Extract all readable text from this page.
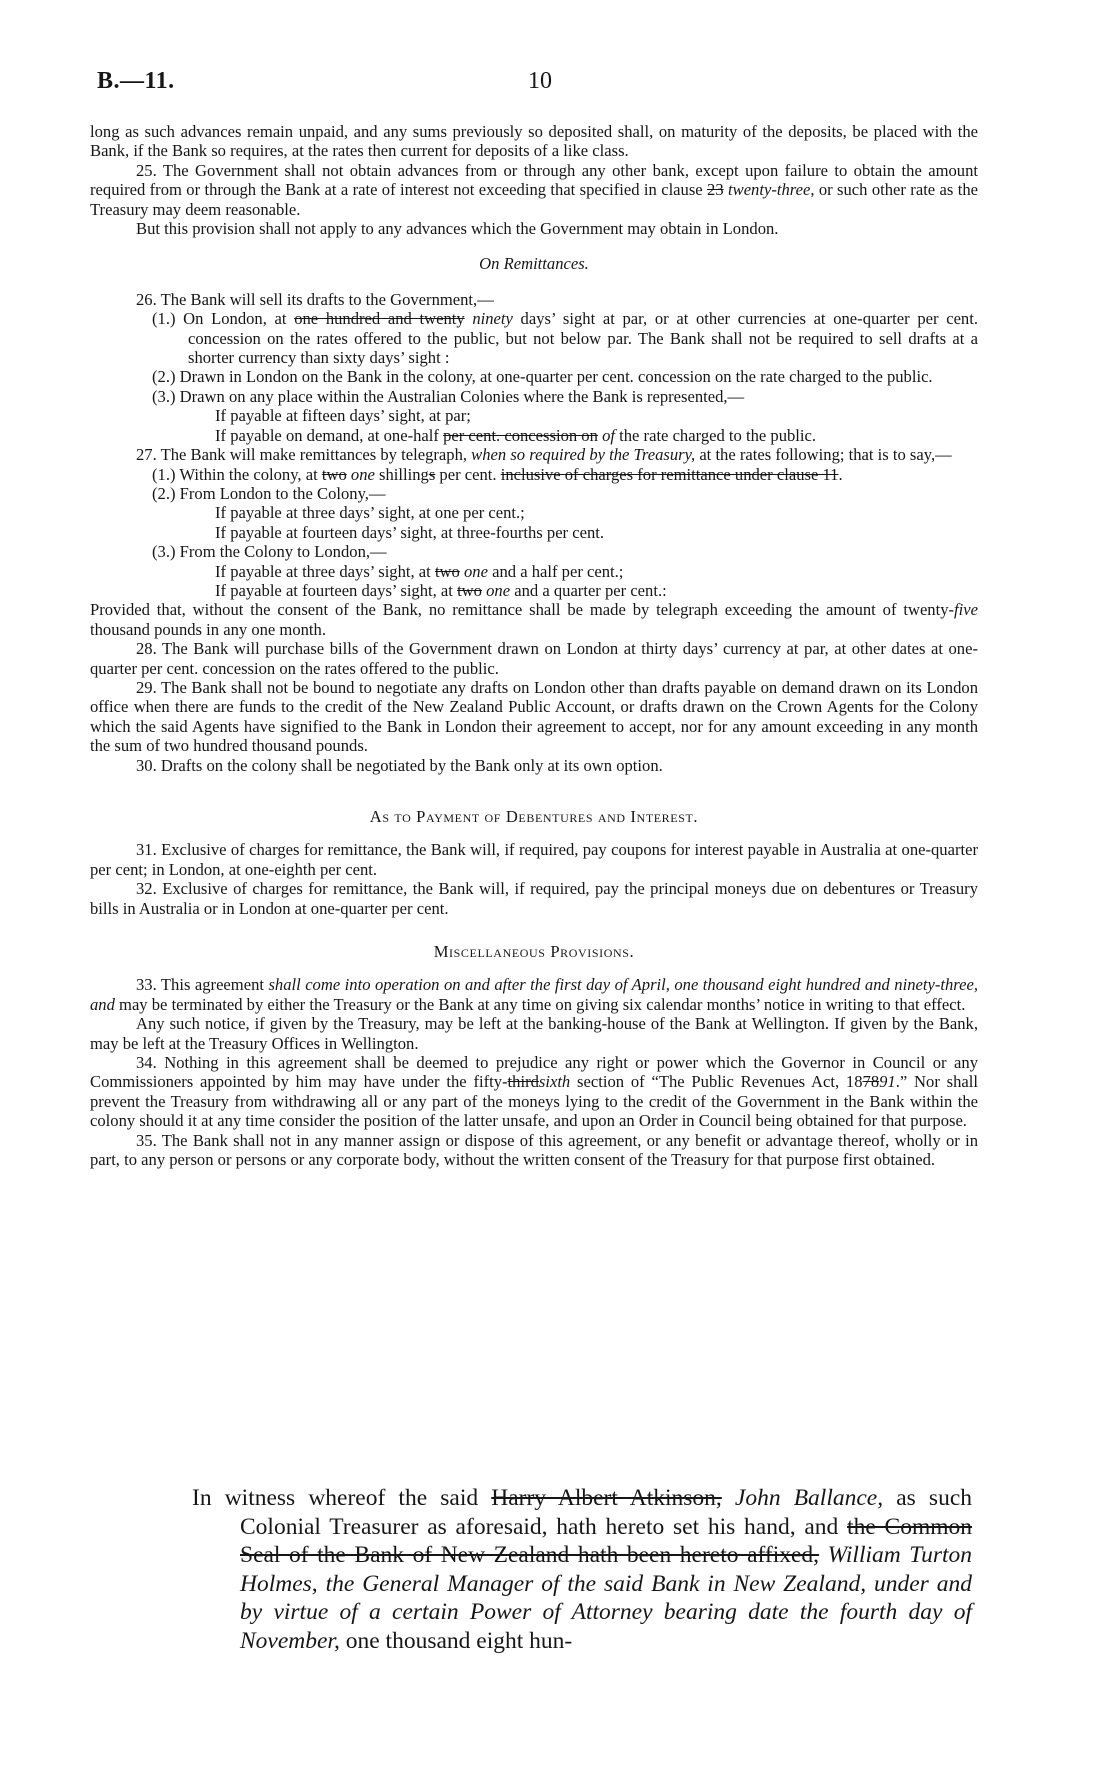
B.—11.	10

long as such advances remain unpaid, and any sums previously so deposited shall, on maturity of the deposits, be placed with the Bank, if the Bank so requires, at the rates then current for deposits of a like class.

25. The Government shall not obtain advances from or through any other bank, except upon failure to obtain the amount required from or through the Bank at a rate of interest not exceeding that specified in clause 23 twenty-three, or such other rate as the Treasury may deem reasonable.

But this provision shall not apply to any advances which the Government may obtain in London.

On Remittances.

26. The Bank will sell its drafts to the Government,—

(1.) On London, at one hundred and twenty ninety days’ sight at par, or at other currencies at one-quarter per cent. concession on the rates offered to the public, but not below par. The Bank shall not be required to sell drafts at a shorter currency than sixty days’ sight :

(2.) Drawn in London on the Bank in the colony, at one-quarter per cent. concession on the rate charged to the public.

(3.) Drawn on any place within the Australian Colonies where the Bank is represented,—

If payable at fifteen days’ sight, at par;

If payable on demand, at one-half per cent. concession on of the rate charged to the public.

27. The Bank will make remittances by telegraph, when so required by the Treasury, at the rates following; that is to say,—

(1.) Within the colony, at two one shillings per cent. inclusive of charges for remittance under clause 11.

(2.) From London to the Colony,—

If payable at three days’ sight, at one per cent.;

If payable at fourteen days’ sight, at three-fourths per cent.

(3.) From the Colony to London,—

If payable at three days’ sight, at two one and a half per cent.;

If payable at fourteen days’ sight, at two one and a quarter per cent.:

Provided that, without the consent of the Bank, no remittance shall be made by telegraph exceeding the amount of twenty-five thousand pounds in any one month.

28. The Bank will purchase bills of the Government drawn on London at thirty days’ currency at par, at other dates at one-quarter per cent. concession on the rates offered to the public.

29. The Bank shall not be bound to negotiate any drafts on London other than drafts payable on demand drawn on its London office when there are funds to the credit of the New Zealand Public Account, or drafts drawn on the Crown Agents for the Colony which the said Agents have signified to the Bank in London their agreement to accept, nor for any amount exceeding in any month the sum of two hundred thousand pounds.

30. Drafts on the colony shall be negotiated by the Bank only at its own option.

As to Payment of Debentures and Interest.

31. Exclusive of charges for remittance, the Bank will, if required, pay coupons for interest payable in Australia at one-quarter per cent; in London, at one-eighth per cent.

32. Exclusive of charges for remittance, the Bank will, if required, pay the principal moneys due on debentures or Treasury bills in Australia or in London at one-quarter per cent.

Miscellaneous Provisions.

33. This agreement shall come into operation on and after the first day of April, one thousand eight hundred and ninety-three, and may be terminated by either the Treasury or the Bank at any time on giving six calendar months’ notice in writing to that effect.

Any such notice, if given by the Treasury, may be left at the banking-house of the Bank at Wellington. If given by the Bank, may be left at the Treasury Offices in Wellington.

34. Nothing in this agreement shall be deemed to prejudice any right or power which the Governor in Council or any Commissioners appointed by him may have under the fifty-thirdsixth section of “The Public Revenues Act, 187891.” Nor shall prevent the Treasury from withdrawing all or any part of the moneys lying to the credit of the Government in the Bank within the colony should it at any time consider the position of the latter unsafe, and upon an Order in Council being obtained for that purpose.

35. The Bank shall not in any manner assign or dispose of this agreement, or any benefit or advantage thereof, wholly or in part, to any person or persons or any corporate body, without the written consent of the Treasury for that purpose first obtained.

In witness whereof the said Harry Albert Atkinson, John Ballance, as such Colonial Treasurer as aforesaid, hath hereto set his hand, and the Common Seal of the Bank of New Zealand hath been hereto affixed, William Turton Holmes, the General Manager of the said Bank in New Zealand, under and by virtue of a certain Power of Attorney bearing date the fourth day of November, one thousand eight hun-
